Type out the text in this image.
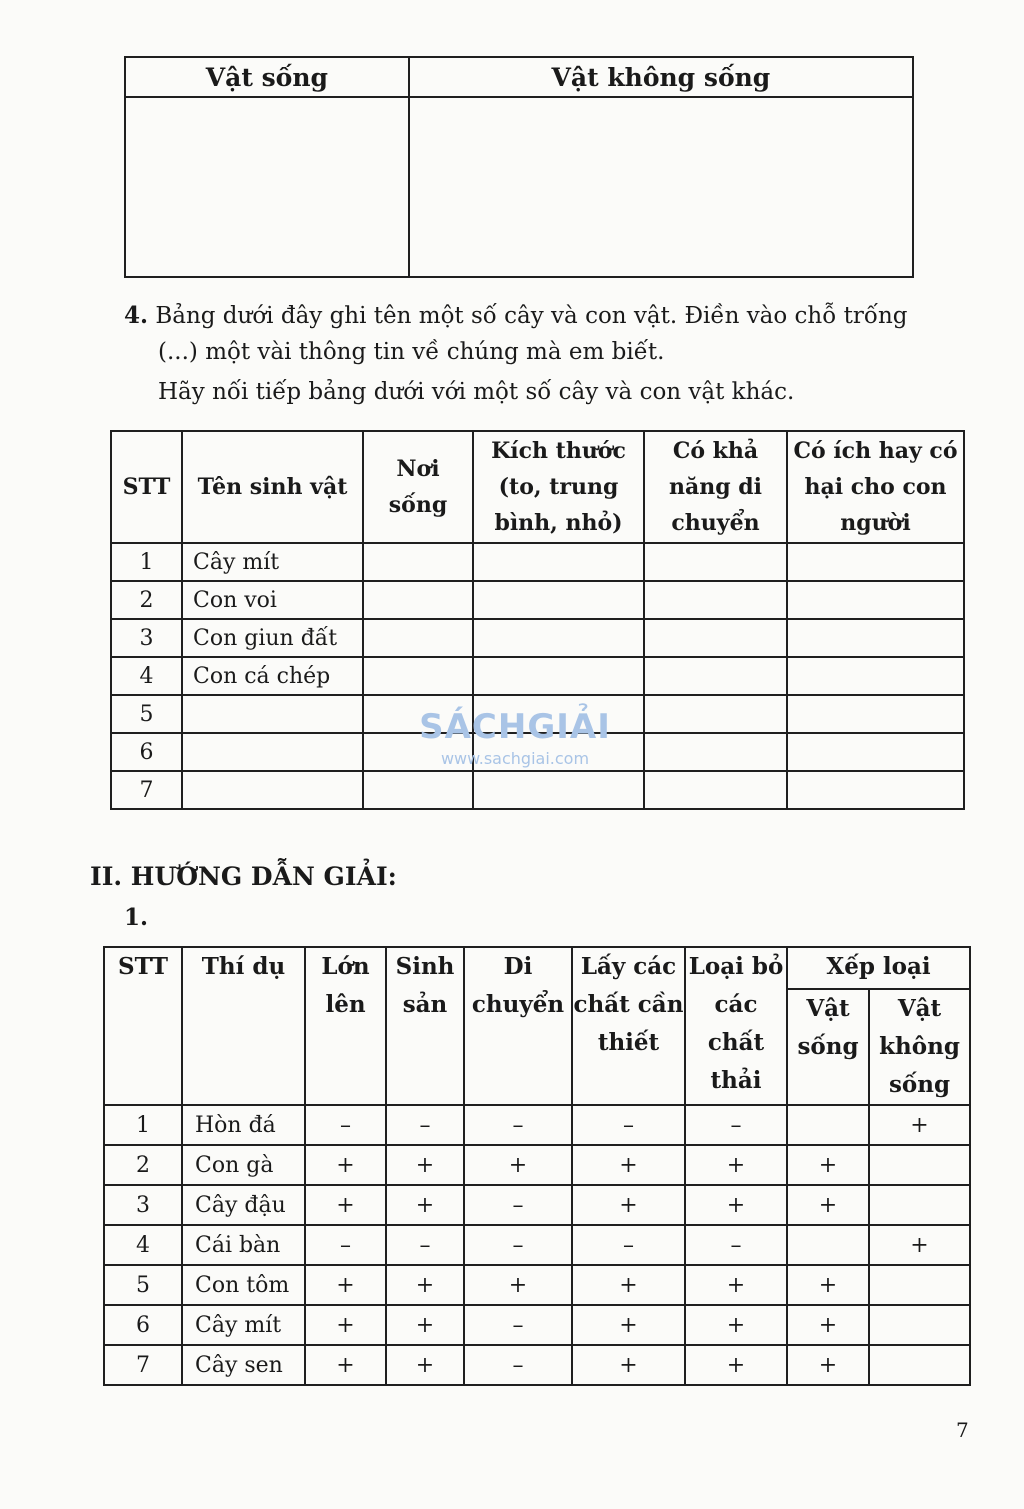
Vật sống	Vật không sống

4. Bảng dưới đây ghi tên một số cây và con vật. Điền vào chỗ trống
(...) một vài thông tin về chúng mà em biết.
Hãy nối tiếp bảng dưới với một số cây và con vật khác.
STT	Tên sinh vật	Nơi sống	Kích thước (to, trung bình, nhỏ)	Có khả năng di chuyển	Có ích hay có hại cho con người
1	Cây mít				
2	Con voi				
3	Con giun đất				
4	Con cá chép				
5					
6					
7					
SÁCHGIẢI
www.sachgiai.com
II. HƯỚNG DẪN GIẢI:
1.
STT	Thí dụ	Lớn lên	Sinh sản	Di chuyển	Lấy các chất cần thiết	Loại bỏ các chất thải	Xếp loại	
							Vật sống	Vật không sống
1	Hòn đá	–	–	–	–	–		+
2	Con gà	+	+	+	+	+	+	
3	Cây đậu	+	+	–	+	+	+	
4	Cái bàn	–	–	–	–	–		+
5	Con tôm	+	+	+	+	+	+	
6	Cây mít	+	+	–	+	+	+	
7	Cây sen	+	+	–	+	+	+	
7
